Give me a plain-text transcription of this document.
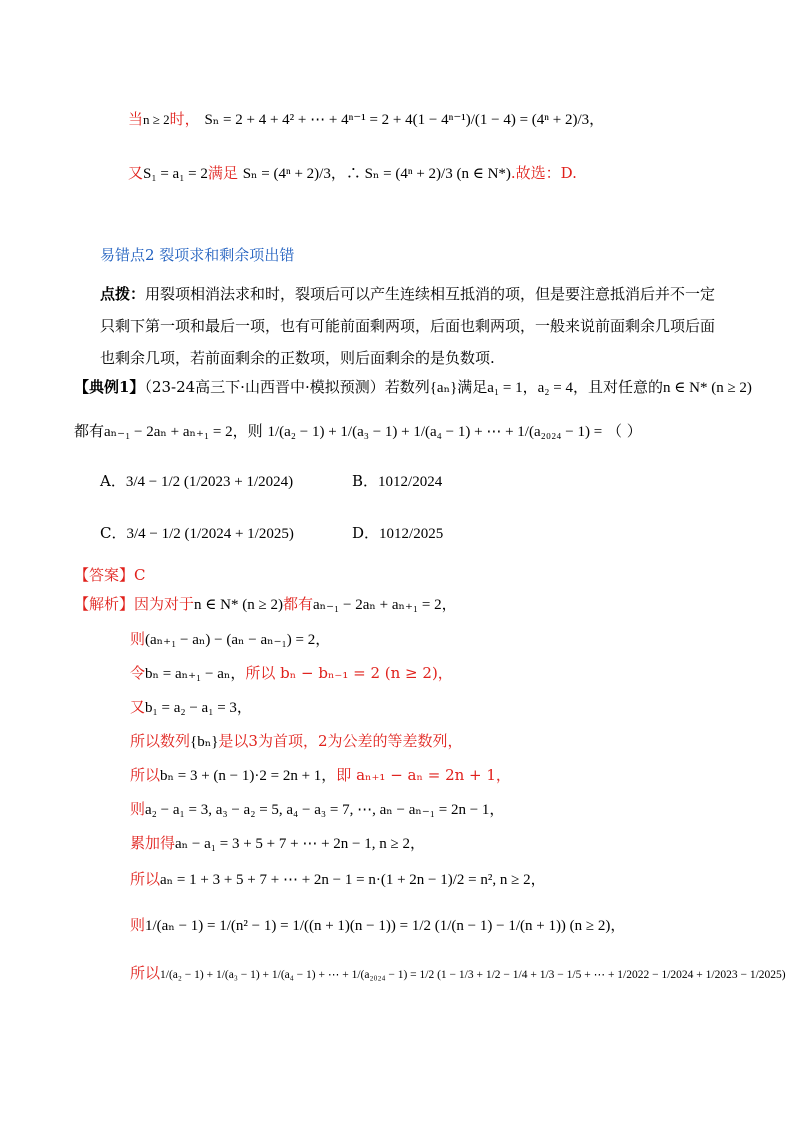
当n ≥ 2时， Sₙ = 2 + 4 + 4² + ⋯ + 4ⁿ⁻¹ = 2 + 4(1 − 4ⁿ⁻¹)/(1 − 4) = (4ⁿ + 2)/3，
又S₁ = a₁ = 2满足 Sₙ = (4ⁿ + 2)/3，∴ Sₙ = (4ⁿ + 2)/3 (n ∈ N*).故选：D.
易错点2 裂项求和剩余项出错
点拨：用裂项相消法求和时，裂项后可以产生连续相互抵消的项，但是要注意抵消后并不一定只剩下第一项和最后一项，也有可能前面剩两项，后面也剩两项，一般来说前面剩余几项后面也剩余几项，若前面剩余的正数项，则后面剩余的是负数项.
【典例1】（23-24高三下·山西晋中·模拟预测）若数列{aₙ}满足a₁ = 1，a₂ = 4，且对任意的n ∈ N* (n ≥ 2)
都有aₙ₋₁ − 2aₙ + aₙ₊₁ = 2，则 1/(a₂ − 1) + 1/(a₃ − 1) + 1/(a₄ − 1) + ⋯ + 1/(a₂₀₂₄ − 1) = （ ）
A．3/4 − 1/2 (1/2023 + 1/2024)	B．1012/2024
C．3/4 − 1/2 (1/2024 + 1/2025)	D．1012/2025
【答案】C
【解析】因为对于n ∈ N* (n ≥ 2)都有aₙ₋₁ − 2aₙ + aₙ₊₁ = 2，
则(aₙ₊₁ − aₙ) − (aₙ − aₙ₋₁) = 2，
令bₙ = aₙ₊₁ − aₙ，所以 bₙ − bₙ₋₁ = 2 (n ≥ 2)，
又b₁ = a₂ − a₁ = 3，
所以数列{bₙ}是以3为首项，2为公差的等差数列，
所以bₙ = 3 + (n − 1)·2 = 2n + 1，即 aₙ₊₁ − aₙ = 2n + 1，
则a₂ − a₁ = 3, a₃ − a₂ = 5, a₄ − a₃ = 7, ⋯, aₙ − aₙ₋₁ = 2n − 1，
累加得aₙ − a₁ = 3 + 5 + 7 + ⋯ + 2n − 1, n ≥ 2，
所以aₙ = 1 + 3 + 5 + 7 + ⋯ + 2n − 1 = n·(1 + 2n − 1)/2 = n², n ≥ 2，
则1/(aₙ − 1) = 1/(n² − 1) = 1/((n + 1)(n − 1)) = 1/2 (1/(n − 1) − 1/(n + 1)) (n ≥ 2)，
所以1/(a₂ − 1) + 1/(a₃ − 1) + 1/(a₄ − 1) + ⋯ + 1/(a₂₀₂₄ − 1) = 1/2 (1 − 1/3 + 1/2 − 1/4 + 1/3 − 1/5 + ⋯ + 1/2022 − 1/2024 + 1/2023 − 1/2025)
